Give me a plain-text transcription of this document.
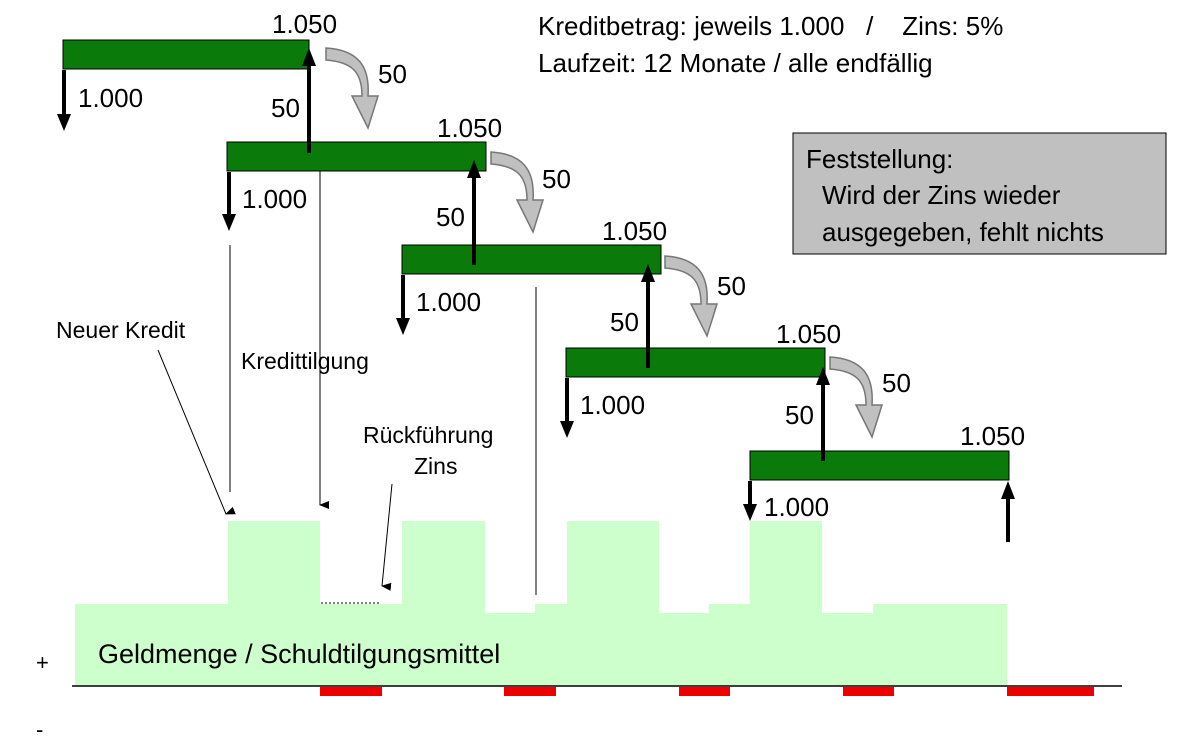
Geldmenge / Schuldtilgungsmittel
+
-
1.050
1.000	50
50
1.050
1.000
50
50
1.050
1.000
50
50
1.050
1.000	50
50
1.050
1.000
Neuer Kredit
Kredittilgung
Rückführung
Zins
Kreditbetrag: jeweils 1.000   /    Zins: 5%
Laufzeit: 12 Monate / alle endfällig
Feststellung:
Wird der Zins wieder
ausgegeben, fehlt nichts
